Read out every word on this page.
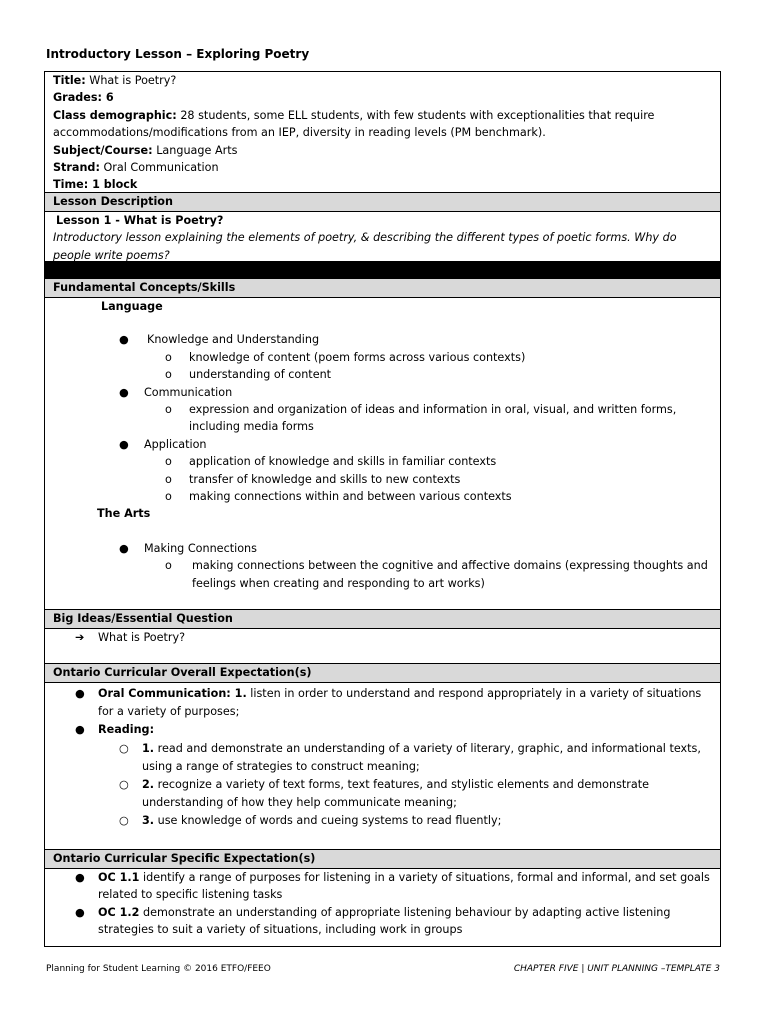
Introductory Lesson – Exploring Poetry
Title: What is Poetry?
Grades: 6
Class demographic: 28 students, some ELL students, with few students with exceptionalities that require accommodations/modifications from an IEP, diversity in reading levels (PM benchmark).
Subject/Course: Language Arts
Strand: Oral Communication
Time: 1 block
Lesson Description
Lesson 1 - What is Poetry?
Introductory lesson explaining the elements of poetry, & describing the different types of poetic forms. Why do people write poems?
Fundamental Concepts/Skills
Language
● Knowledge and Understanding
o knowledge of content (poem forms across various contexts)
o understanding of content
● Communication
o expression and organization of ideas and information in oral, visual, and written forms, including media forms
● Application
o application of knowledge and skills in familiar contexts
o transfer of knowledge and skills to new contexts
o making connections within and between various contexts
The Arts
● Making Connections
o making connections between the cognitive and affective domains (expressing thoughts and feelings when creating and responding to art works)
Big Ideas/Essential Question
➔ What is Poetry?
Ontario Curricular Overall Expectation(s)
● Oral Communication: 1. listen in order to understand and respond appropriately in a variety of situations for a variety of purposes;
● Reading:
○ 1. read and demonstrate an understanding of a variety of literary, graphic, and informational texts, using a range of strategies to construct meaning;
○ 2. recognize a variety of text forms, text features, and stylistic elements and demonstrate understanding of how they help communicate meaning;
○ 3. use knowledge of words and cueing systems to read fluently;
Ontario Curricular Specific Expectation(s)
● OC 1.1 identify a range of purposes for listening in a variety of situations, formal and informal, and set goals related to specific listening tasks
● OC 1.2 demonstrate an understanding of appropriate listening behaviour by adapting active listening strategies to suit a variety of situations, including work in groups
Planning for Student Learning © 2016 ETFO/FEEO	CHAPTER FIVE | UNIT PLANNING –TEMPLATE 3
